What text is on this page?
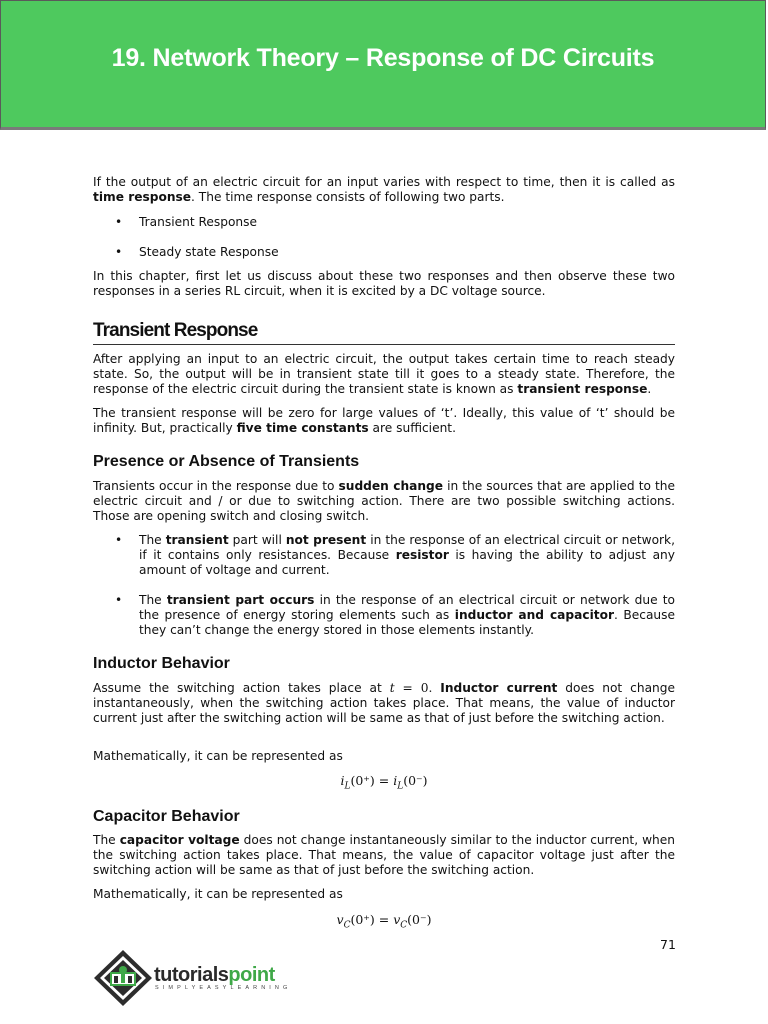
19. Network Theory – Response of DC Circuits

If the output of an electric circuit for an input varies with respect to time, then it is called as time response. The time response consists of following two parts.

• Transient Response
• Steady state Response

In this chapter, first let us discuss about these two responses and then observe these two responses in a series RL circuit, when it is excited by a DC voltage source.

Transient Response

After applying an input to an electric circuit, the output takes certain time to reach steady state. So, the output will be in transient state till it goes to a steady state. Therefore, the response of the electric circuit during the transient state is known as transient response.

The transient response will be zero for large values of ‘t’. Ideally, this value of ‘t’ should be infinity. But, practically five time constants are sufficient.

Presence or Absence of Transients

Transients occur in the response due to sudden change in the sources that are applied to the electric circuit and / or due to switching action. There are two possible switching actions. Those are opening switch and closing switch.

• The transient part will not present in the response of an electrical circuit or network, if it contains only resistances. Because resistor is having the ability to adjust any amount of voltage and current.

• The transient part occurs in the response of an electrical circuit or network due to the presence of energy storing elements such as inductor and capacitor. Because they can’t change the energy stored in those elements instantly.

Inductor Behavior

Assume the switching action takes place at t = 0. Inductor current does not change instantaneously, when the switching action takes place. That means, the value of inductor current just after the switching action will be same as that of just before the switching action.

Mathematically, it can be represented as

$i_L(0^+) = i_L(0^-)$
Capacitor Behavior

The capacitor voltage does not change instantaneously similar to the inductor current, when the switching action takes place. That means, the value of capacitor voltage just after the switching action will be same as that of just before the switching action.

Mathematically, it can be represented as

$v_C(0^+) = v_C(0^-)$
71
tutorialspoint
SIMPLYEASYLEARNING
